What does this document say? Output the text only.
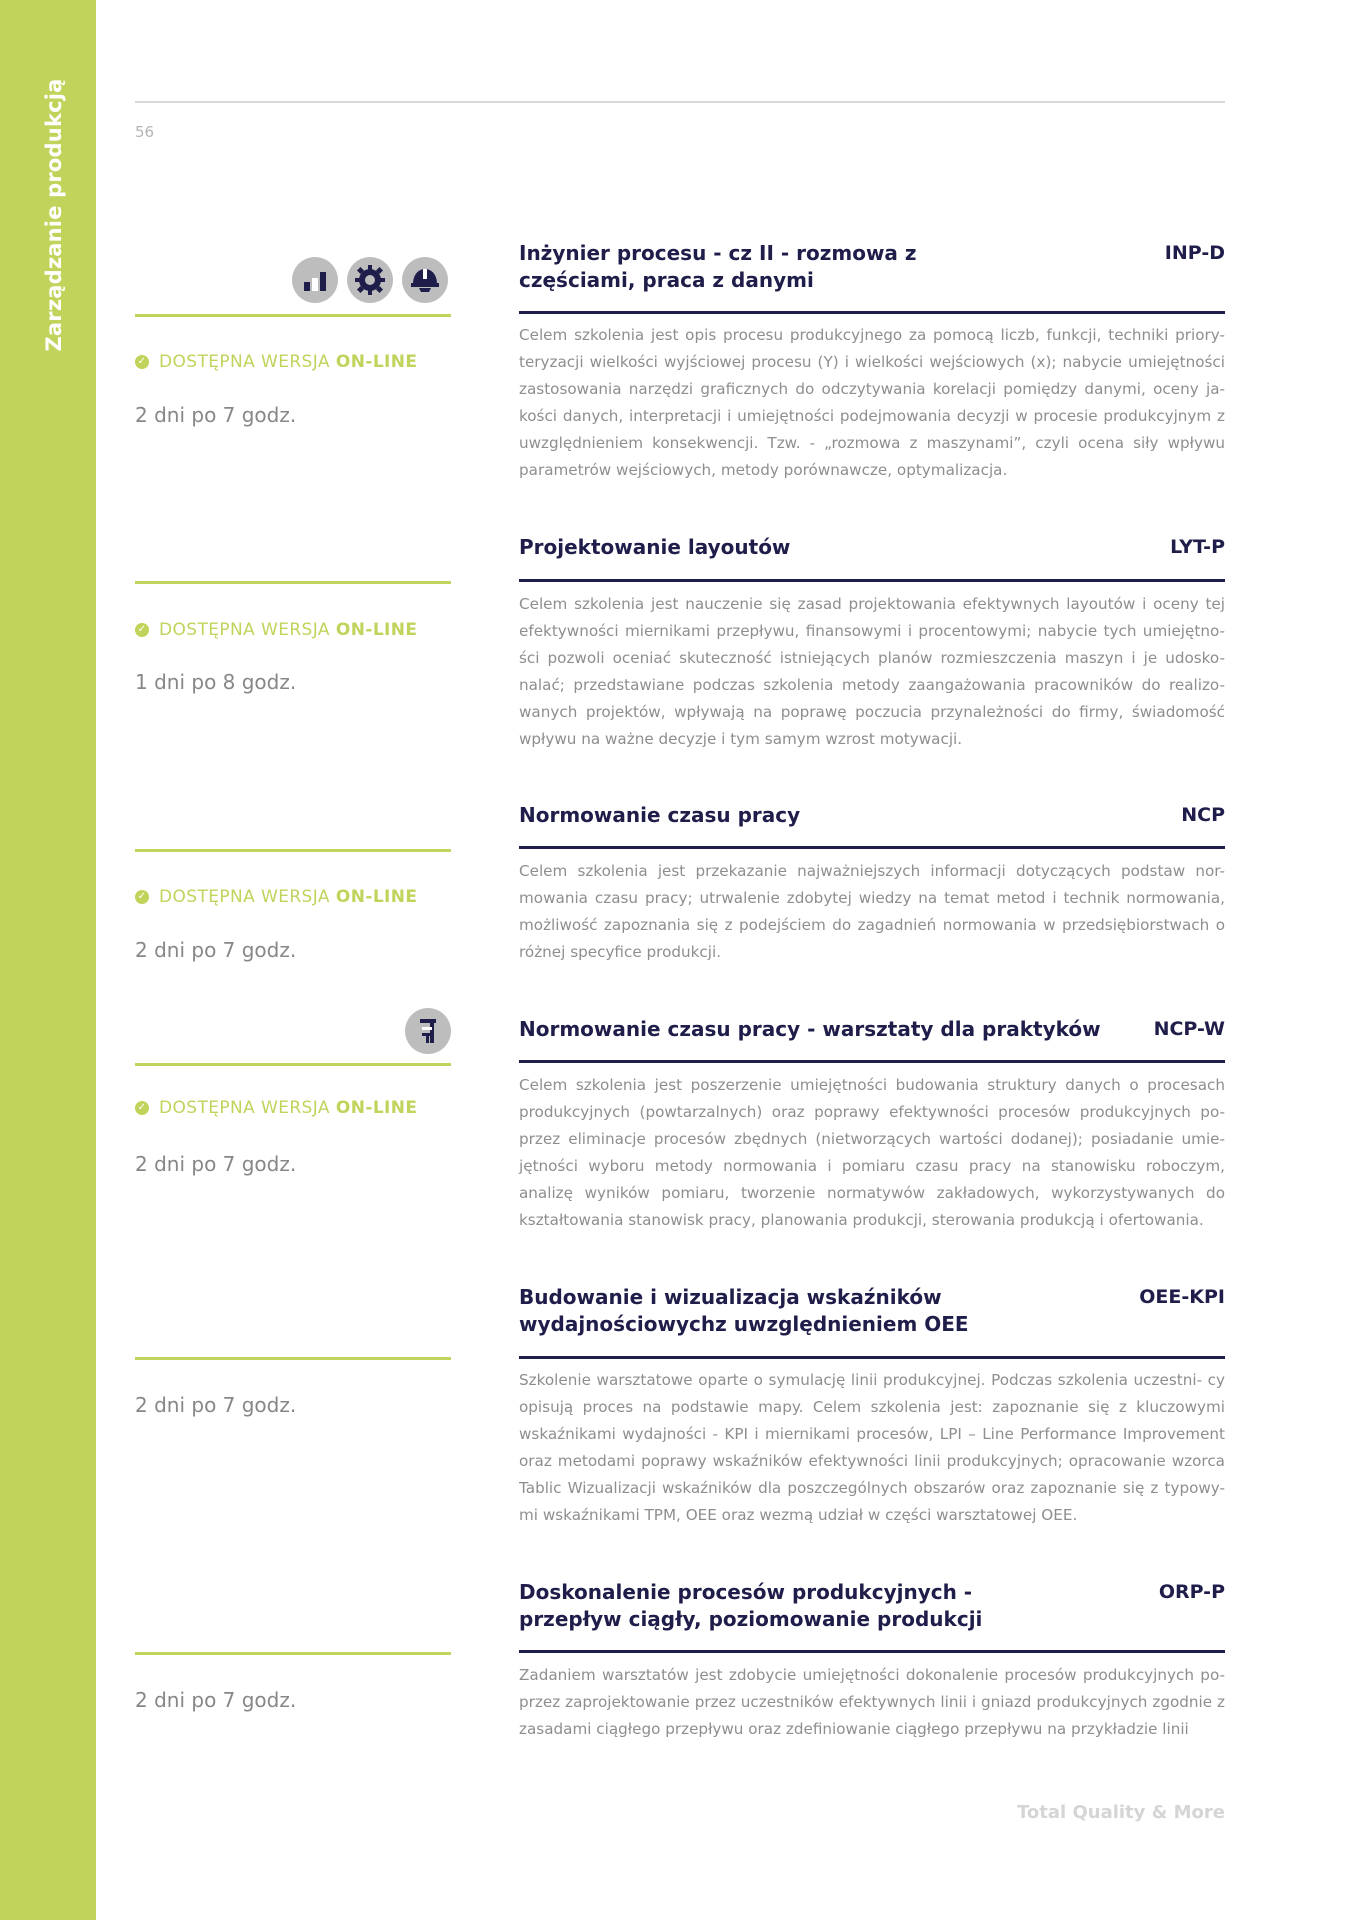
Zarządzanie produkcją	56
✓ DOSTĘPNA WERSJA ON-LINE
2 dni po 7 godz.
Inżynier procesu - cz II - rozmowa z częściami, praca z danymi
INP-D
Celem szkolenia jest opis procesu produkcyjnego za pomocą liczb, funkcji, techniki priory- teryzacji wielkości wyjściowej procesu (Y) i wielkości wejściowych (x); nabycie umiejętności zastosowania narzędzi graficznych do odczytywania korelacji pomiędzy danymi, oceny ja- kości danych, interpretacji i umiejętności podejmowania decyzji w procesie produkcyjnym z uwzględnieniem konsekwencji. Tzw. - „rozmowa z maszynami”, czyli ocena siły wpływu parametrów wejściowych, metody porównawcze, optymalizacja.
✓ DOSTĘPNA WERSJA ON-LINE
1 dni po 8 godz.
Projektowanie layoutów	LYT-P
Celem szkolenia jest nauczenie się zasad projektowania efektywnych layoutów i oceny tej efektywności miernikami przepływu, finansowymi i procentowymi; nabycie tych umiejętno- ści pozwoli oceniać skuteczność istniejących planów rozmieszczenia maszyn i je udosko- nalać; przedstawiane podczas szkolenia metody zaangażowania pracowników do realizo- wanych projektów, wpływają na poprawę poczucia przynależności do firmy, świadomość wpływu na ważne decyzje i tym samym wzrost motywacji.
✓ DOSTĘPNA WERSJA ON-LINE
2 dni po 7 godz.
Normowanie czasu pracy	NCP
Celem szkolenia jest przekazanie najważniejszych informacji dotyczących podstaw nor- mowania czasu pracy; utrwalenie zdobytej wiedzy na temat metod i technik normowania, możliwość zapoznania się z podejściem do zagadnień normowania w przedsiębiorstwach o różnej specyfice produkcji.
✓ DOSTĘPNA WERSJA ON-LINE
2 dni po 7 godz.
Normowanie czasu pracy - warsztaty dla praktyków	NCP-W
Celem szkolenia jest poszerzenie umiejętności budowania struktury danych o procesach produkcyjnych (powtarzalnych) oraz poprawy efektywności procesów produkcyjnych po- przez eliminacje procesów zbędnych (nietworzących wartości dodanej); posiadanie umie- jętności wyboru metody normowania i pomiaru czasu pracy na stanowisku roboczym, analizę wyników pomiaru, tworzenie normatywów zakładowych, wykorzystywanych do kształtowania stanowisk pracy, planowania produkcji, sterowania produkcją i ofertowania.
2 dni po 7 godz.
Budowanie i wizualizacja wskaźników wydajnościowychz uwzględnieniem OEE
OEE-KPI
Szkolenie warsztatowe oparte o symulację linii produkcyjnej. Podczas szkolenia uczestni- cy opisują proces na podstawie mapy. Celem szkolenia jest: zapoznanie się z kluczowymi wskaźnikami wydajności - KPI i miernikami procesów, LPI – Line Performance Improvement oraz metodami poprawy wskaźników efektywności linii produkcyjnych; opracowanie wzorca Tablic Wizualizacji wskaźników dla poszczególnych obszarów oraz zapoznanie się z typowy- mi wskaźnikami TPM, OEE oraz wezmą udział w części warsztatowej OEE.
2 dni po 7 godz.
Doskonalenie procesów produkcyjnych - przepływ ciągły, poziomowanie produkcji
ORP-P
Zadaniem warsztatów jest zdobycie umiejętności dokonalenie procesów produkcyjnych po- przez zaprojektowanie przez uczestników efektywnych linii i gniazd produkcyjnych zgodnie z zasadami ciągłego przepływu oraz zdefiniowanie ciągłego przepływu na przykładzie linii
Total Quality & More
